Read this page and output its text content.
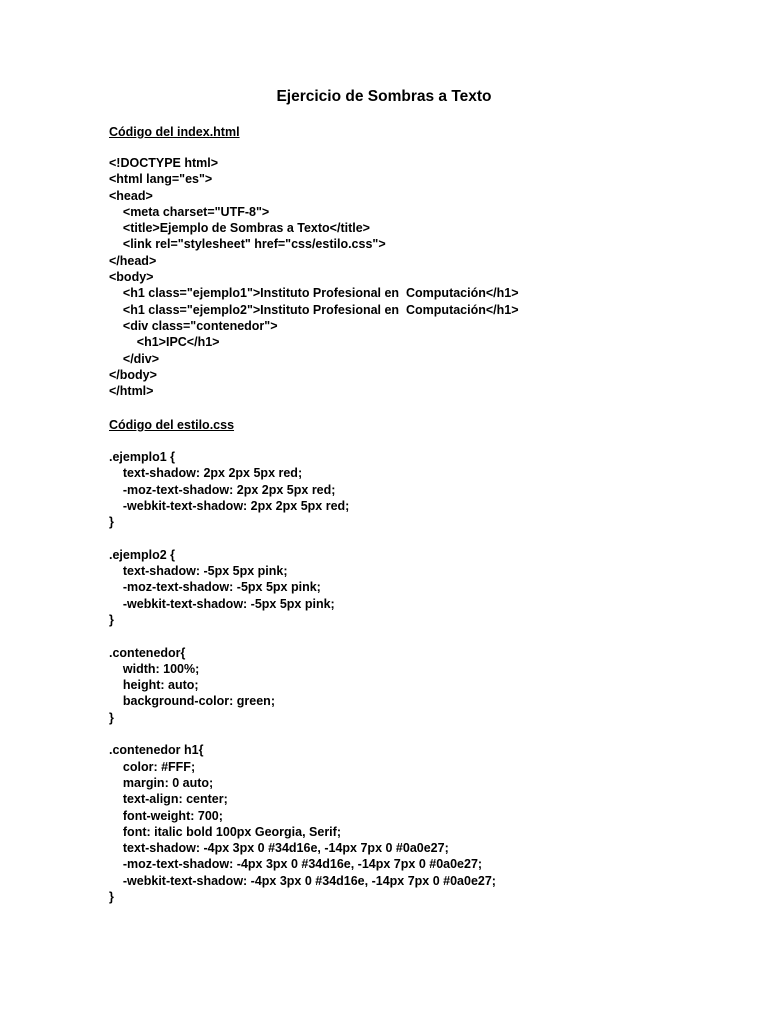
Ejercicio de Sombras a Texto
Código del index.html
<!DOCTYPE html>
<html lang="es">
<head>
<meta charset="UTF-8">
<title>Ejemplo de Sombras a Texto</title>
<link rel="stylesheet" href="css/estilo.css">
</head>
<body>
<h1 class="ejemplo1">Instituto Profesional en  Computación</h1>
<h1 class="ejemplo2">Instituto Profesional en  Computación</h1>
<div class="contenedor">
<h1>IPC</h1>
</div>
</body>
</html>
Código del estilo.css
.ejemplo1 {
text-shadow: 2px 2px 5px red;
-moz-text-shadow: 2px 2px 5px red;
-webkit-text-shadow: 2px 2px 5px red;
}
.ejemplo2 {
text-shadow: -5px 5px pink;
-moz-text-shadow: -5px 5px pink;
-webkit-text-shadow: -5px 5px pink;
}
.contenedor{
width: 100%;
height: auto;
background-color: green;
}
.contenedor h1{
color: #FFF;
margin: 0 auto;
text-align: center;
font-weight: 700;
font: italic bold 100px Georgia, Serif;
text-shadow: -4px 3px 0 #34d16e, -14px 7px 0 #0a0e27;
-moz-text-shadow: -4px 3px 0 #34d16e, -14px 7px 0 #0a0e27;
-webkit-text-shadow: -4px 3px 0 #34d16e, -14px 7px 0 #0a0e27;
}
